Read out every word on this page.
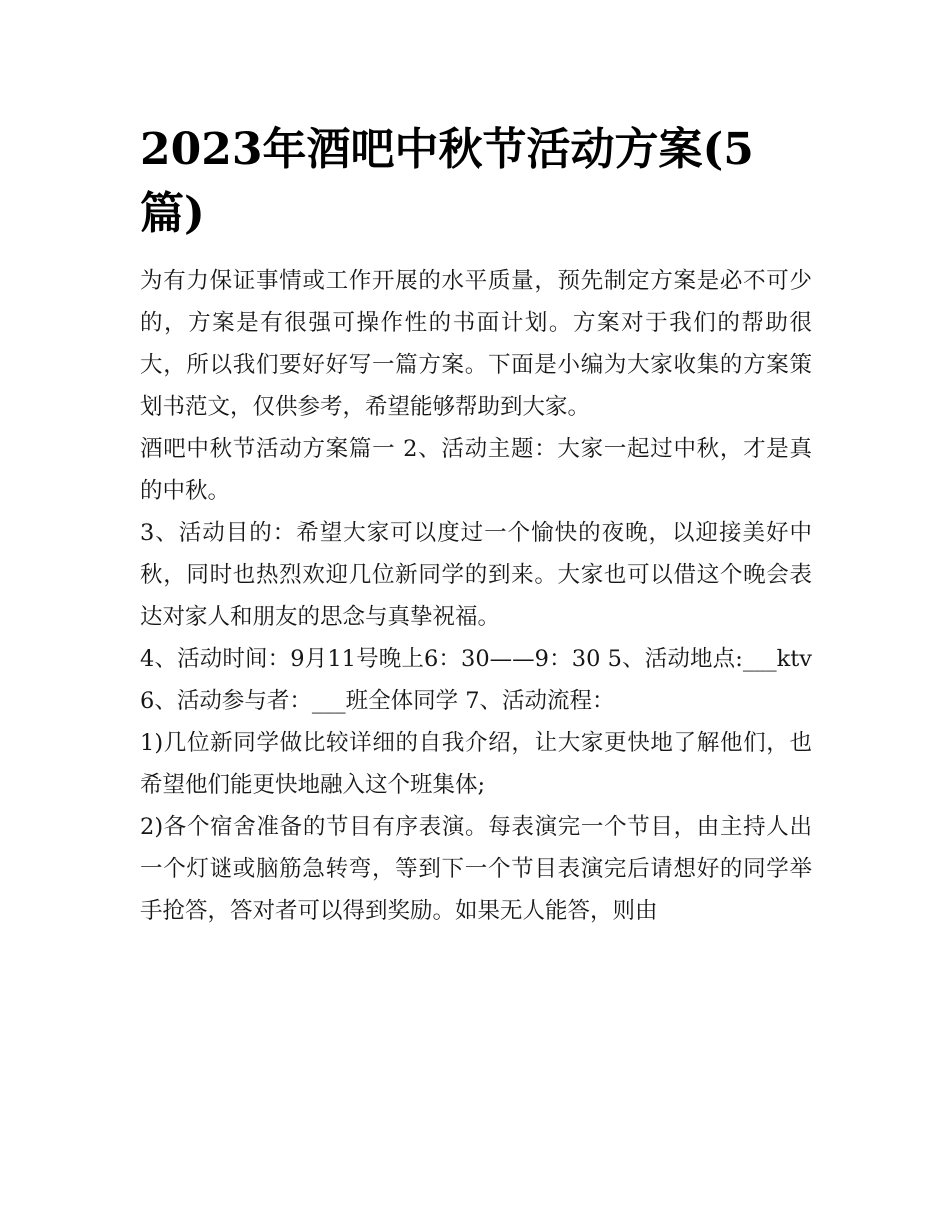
2023年酒吧中秋节活动方案(5篇)

为有力保证事情或工作开展的水平质量，预先制定方案是必不可少的，方案是有很强可操作性的书面计划。方案对于我们的帮助很大，所以我们要好好写一篇方案。下面是小编为大家收集的方案策划书范文，仅供参考，希望能够帮助到大家。

酒吧中秋节活动方案篇一 2、活动主题：大家一起过中秋，才是真的中秋。

3、活动目的：希望大家可以度过一个愉快的夜晚，以迎接美好中秋，同时也热烈欢迎几位新同学的到来。大家也可以借这个晚会表达对家人和朋友的思念与真挚祝福。

4、活动时间：9月11号晚上6：30——9：30 5、活动地点:___ktv 6、活动参与者：___班全体同学 7、活动流程：

1)几位新同学做比较详细的自我介绍，让大家更快地了解他们，也希望他们能更快地融入这个班集体;

2)各个宿舍准备的节目有序表演。每表演完一个节目，由主持人出一个灯谜或脑筋急转弯，等到下一个节目表演完后请想好的同学举手抢答，答对者可以得到奖励。如果无人能答，则由
